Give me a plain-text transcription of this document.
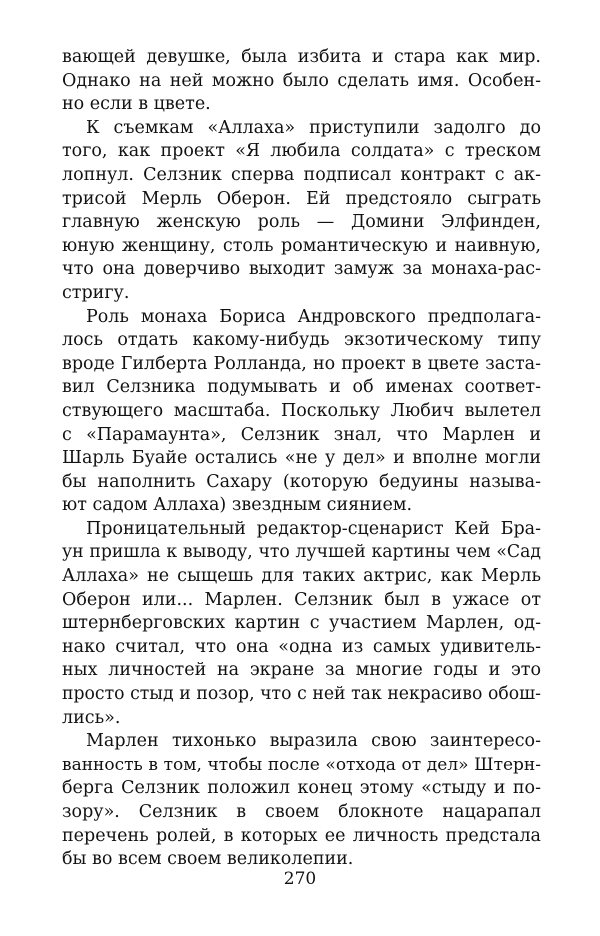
вающей девушке, была избита и стара как мир.
Однако на ней можно было сделать имя. Особен-
но если в цвете.
К съемкам «Аллаха» приступили задолго до
того, как проект «Я любила солдата» с треском
лопнул. Селзник сперва подписал контракт с ак-
трисой Мерль Оберон. Ей предстояло сыграть
главную женскую роль — Домини Элфинден,
юную женщину, столь романтическую и наивную,
что она доверчиво выходит замуж за монаха-рас-
стригу.
Роль монаха Бориса Андровского предполага-
лось отдать какому-нибудь экзотическому типу
вроде Гилберта Ролланда, но проект в цвете заста-
вил Селзника подумывать и об именах соответ-
ствующего масштаба. Поскольку Любич вылетел
с «Парамаунта», Селзник знал, что Марлен и
Шарль Буайе остались «не у дел» и вполне могли
бы наполнить Сахару (которую бедуины называ-
ют садом Аллаха) звездным сиянием.
Проницательный редактор-сценарист Кей Бра-
ун пришла к выводу, что лучшей картины чем «Сад
Аллаха» не сыщешь для таких актрис, как Мерль
Оберон или... Марлен. Селзник был в ужасе от
штернберговских картин с участием Марлен, од-
нако считал, что она «одна из самых удивитель-
ных личностей на экране за многие годы и это
просто стыд и позор, что с ней так некрасиво обош-
лись».
Марлен тихонько выразила свою заинтересо-
ванность в том, чтобы после «отхода от дел» Штерн-
берга Селзник положил конец этому «стыду и по-
зору». Селзник в своем блокноте нацарапал
перечень ролей, в которых ее личность предстала
бы во всем своем великолепии.
270
